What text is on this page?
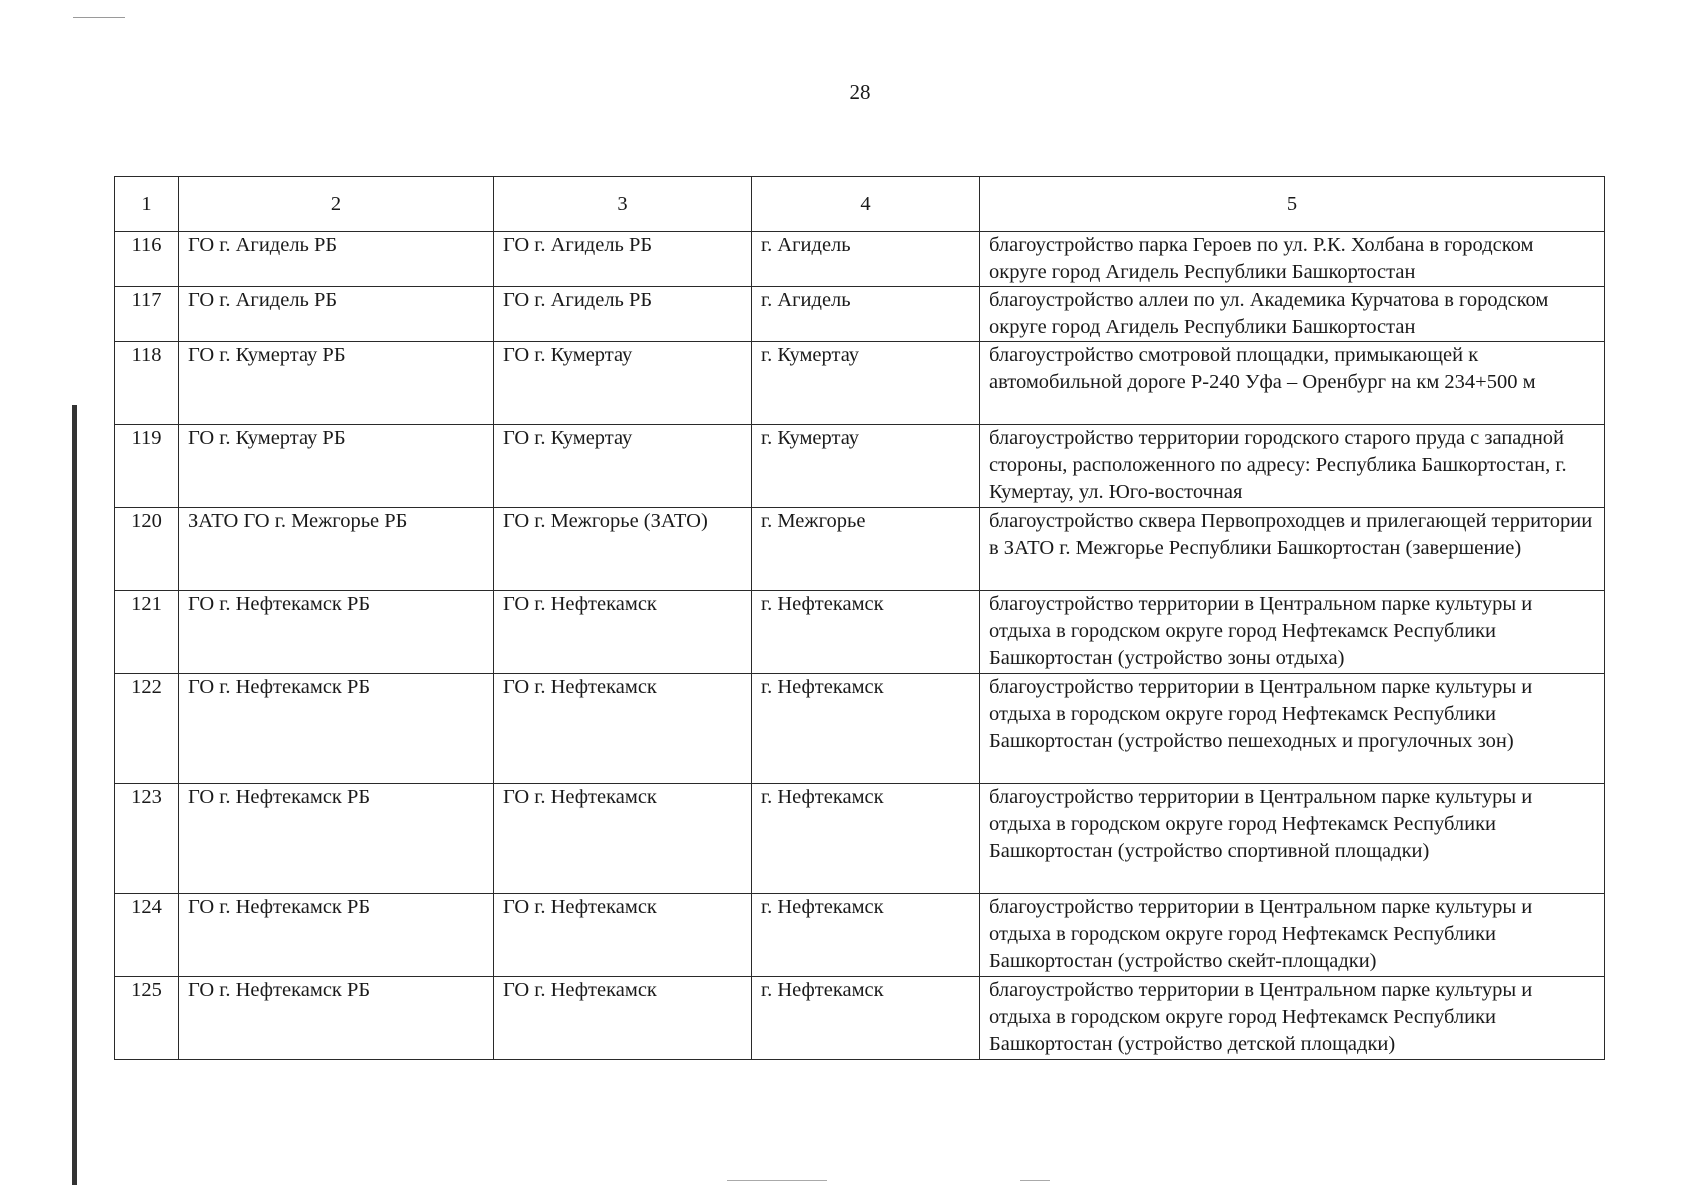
28
1	2	3	4	5
116	ГО г. Агидель РБ	ГО г. Агидель РБ	г. Агидель	благоустройство парка Героев по ул. Р.К. Холбана в городском округе город Агидель Республики Башкортостан
117	ГО г. Агидель РБ	ГО г. Агидель РБ	г. Агидель	благоустройство аллеи по ул. Академика Курчатова в городском округе город Агидель Республики Башкортостан
118	ГО г. Кумертау РБ	ГО г. Кумертау	г. Кумертау	благоустройство смотровой площадки, примыкающей к автомобильной дороге Р-240 Уфа – Оренбург на км 234+500 м
119	ГО г. Кумертау РБ	ГО г. Кумертау	г. Кумертау	благоустройство территории городского старого пруда с западной стороны, расположенного по адресу: Республика Башкортостан, г. Кумертау, ул. Юго-восточная
120	ЗАТО ГО г. Межгорье РБ	ГО г. Межгорье (ЗАТО)	г. Межгорье	благоустройство сквера Первопроходцев и прилегающей территории в ЗАТО г. Межгорье Республики Башкортостан (завершение)
121	ГО г. Нефтекамск РБ	ГО г. Нефтекамск	г. Нефтекамск	благоустройство территории в Центральном парке культуры и отдыха в городском округе город Нефтекамск Республики Башкортостан (устройство зоны отдыха)
122	ГО г. Нефтекамск РБ	ГО г. Нефтекамск	г. Нефтекамск	благоустройство территории в Центральном парке культуры и отдыха в городском округе город Нефтекамск Республики Башкортостан (устройство пешеходных и прогулочных зон)
123	ГО г. Нефтекамск РБ	ГО г. Нефтекамск	г. Нефтекамск	благоустройство территории в Центральном парке культуры и отдыха в городском округе город Нефтекамск Республики Башкортостан (устройство спортивной площадки)
124	ГО г. Нефтекамск РБ	ГО г. Нефтекамск	г. Нефтекамск	благоустройство территории в Центральном парке культуры и отдыха в городском округе город Нефтекамск Республики Башкортостан (устройство скейт-площадки)
125	ГО г. Нефтекамск РБ	ГО г. Нефтекамск	г. Нефтекамск	благоустройство территории в Центральном парке культуры и отдыха в городском округе город Нефтекамск Республики Башкортостан (устройство детской площадки)
